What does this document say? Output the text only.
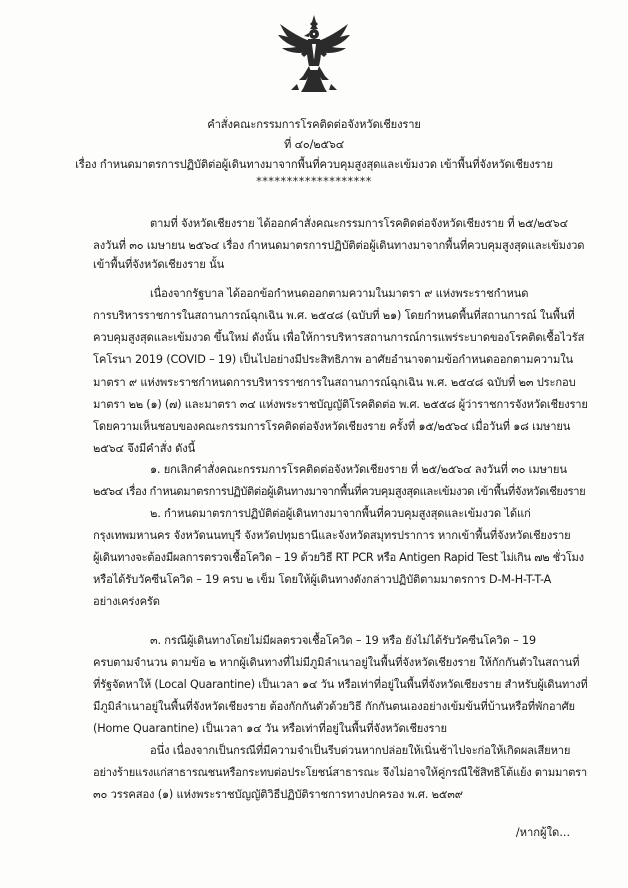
คำสั่งคณะกรรมการโรคติดต่อจังหวัดเชียงราย
ที่ ๔๐/๒๕๖๔
เรื่อง กำหนดมาตรการปฏิบัติต่อผู้เดินทางมาจากพื้นที่ควบคุมสูงสุดและเข้มงวด เข้าพื้นที่จังหวัดเชียงราย
*******************
ตามที่ จังหวัดเชียงราย ได้ออกคำสั่งคณะกรรมการโรคติดต่อจังหวัดเชียงราย ที่ ๒๕/๒๕๖๔
ลงวันที่ ๓๐ เมษายน ๒๕๖๔ เรื่อง กำหนดมาตรการปฏิบัติต่อผู้เดินทางมาจากพื้นที่ควบคุมสูงสุดและเข้มงวด
เข้าพื้นที่จังหวัดเชียงราย นั้น
เนื่องจากรัฐบาล ได้ออกข้อกำหนดออกตามความในมาตรา ๙ แห่งพระราชกำหนด
การบริหารราชการในสถานการณ์ฉุกเฉิน พ.ศ. ๒๕๔๘ (ฉบับที่ ๒๑) โดยกำหนดพื้นที่สถานการณ์ ในพื้นที่
ควบคุมสูงสุดและเข้มงวด ขึ้นใหม่ ดังนั้น เพื่อให้การบริหารสถานการณ์การแพร่ระบาดของโรคติดเชื้อไวรัส
โคโรนา 2019 (COVID – 19) เป็นไปอย่างมีประสิทธิภาพ อาศัยอำนาจตามข้อกำหนดออกตามความใน
มาตรา ๙ แห่งพระราชกำหนดการบริหารราชการในสถานการณ์ฉุกเฉิน พ.ศ. ๒๕๔๘ ฉบับที่ ๒๓ ประกอบ
มาตรา ๒๒ (๑) (๗) และมาตรา ๓๔ แห่งพระราชบัญญัติโรคติดต่อ พ.ศ. ๒๕๕๘ ผู้ว่าราชการจังหวัดเชียงราย
โดยความเห็นชอบของคณะกรรมการโรคติดต่อจังหวัดเชียงราย ครั้งที่ ๑๕/๒๕๖๔ เมื่อวันที่ ๑๘ เมษายน
๒๕๖๔ จึงมีคำสั่ง ดังนี้
๑. ยกเลิกคำสั่งคณะกรรมการโรคติดต่อจังหวัดเชียงราย ที่ ๒๕/๒๕๖๔ ลงวันที่ ๓๐ เมษายน
๒๕๖๔ เรื่อง กำหนดมาตรการปฏิบัติต่อผู้เดินทางมาจากพื้นที่ควบคุมสูงสุดและเข้มงวด เข้าพื้นที่จังหวัดเชียงราย
๒. กำหนดมาตรการปฏิบัติต่อผู้เดินทางมาจากพื้นที่ควบคุมสูงสุดและเข้มงวด ได้แก่
กรุงเทพมหานคร จังหวัดนนทบุรี จังหวัดปทุมธานีและจังหวัดสมุทรปราการ หากเข้าพื้นที่จังหวัดเชียงราย
ผู้เดินทางจะต้องมีผลการตรวจเชื้อโควิด – 19 ด้วยวิธี RT PCR หรือ Antigen Rapid Test ไม่เกิน ๗๒ ชั่วโมง
หรือได้รับวัคซีนโควิด – 19 ครบ ๒ เข็ม โดยให้ผู้เดินทางดังกล่าวปฏิบัติตามมาตรการ D-M-H-T-T-A
อย่างเคร่งครัด
๓. กรณีผู้เดินทางโดยไม่มีผลตรวจเชื้อโควิด – 19 หรือ ยังไม่ได้รับวัคซีนโควิด – 19
ครบตามจำนวน ตามข้อ ๒ หากผู้เดินทางที่ไม่มีภูมิลำเนาอยู่ในพื้นที่จังหวัดเชียงราย ให้กักกันตัวในสถานที่
ที่รัฐจัดหาให้ (Local Quarantine) เป็นเวลา ๑๔ วัน หรือเท่าที่อยู่ในพื้นที่จังหวัดเชียงราย สำหรับผู้เดินทางที่
มีภูมิลำเนาอยู่ในพื้นที่จังหวัดเชียงราย ต้องกักกันตัวด้วยวิธี กักกันตนเองอย่างเข้มข้นที่บ้านหรือที่พักอาศัย
(Home Quarantine) เป็นเวลา ๑๔ วัน หรือเท่าที่อยู่ในพื้นที่จังหวัดเชียงราย
อนึ่ง เนื่องจากเป็นกรณีที่มีความจำเป็นรีบด่วนหากปล่อยให้เนิ่นช้าไปจะก่อให้เกิดผลเสียหาย
อย่างร้ายแรงแก่สาธารณชนหรือกระทบต่อประโยชน์สาธารณะ จึงไม่อาจให้คู่กรณีใช้สิทธิโต้แย้ง ตามมาตรา
๓๐ วรรคสอง (๑) แห่งพระราชบัญญัติวิธีปฏิบัติราชการทางปกครอง พ.ศ. ๒๕๓๙
/หากผู้ใด...
